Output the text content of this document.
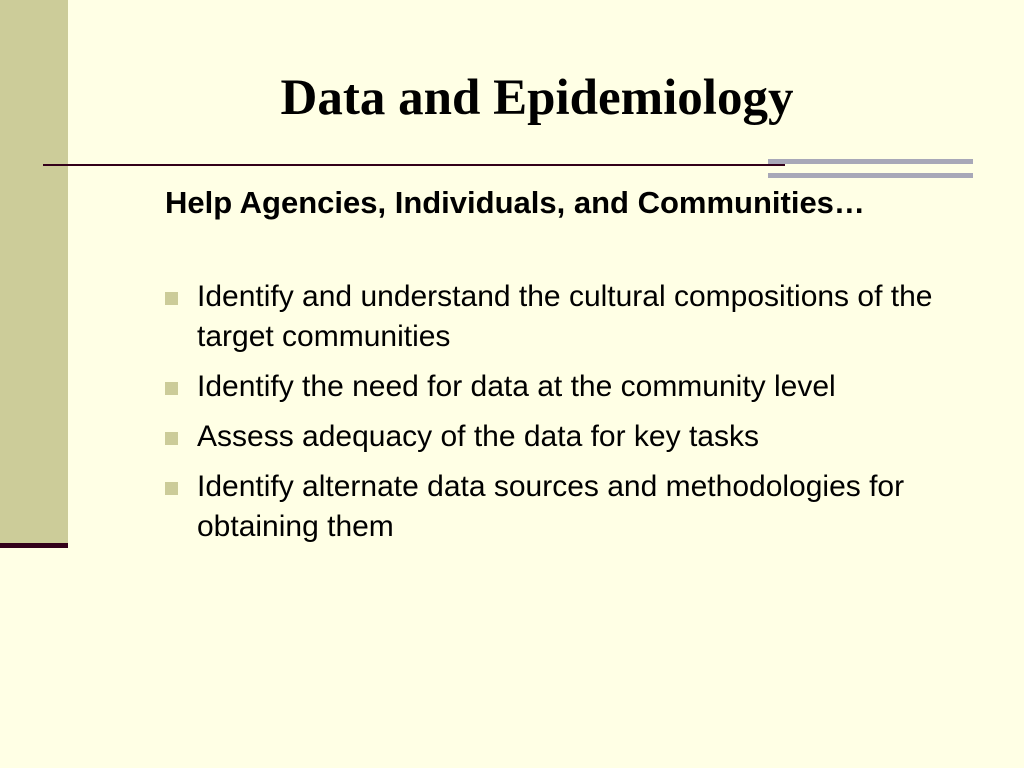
Data and Epidemiology

Help Agencies, Individuals, and Communities…

Identify and understand the cultural compositions of the target communities
Identify the need for data at the community level
Assess adequacy of the data for key tasks
Identify alternate data sources and methodologies for obtaining them
